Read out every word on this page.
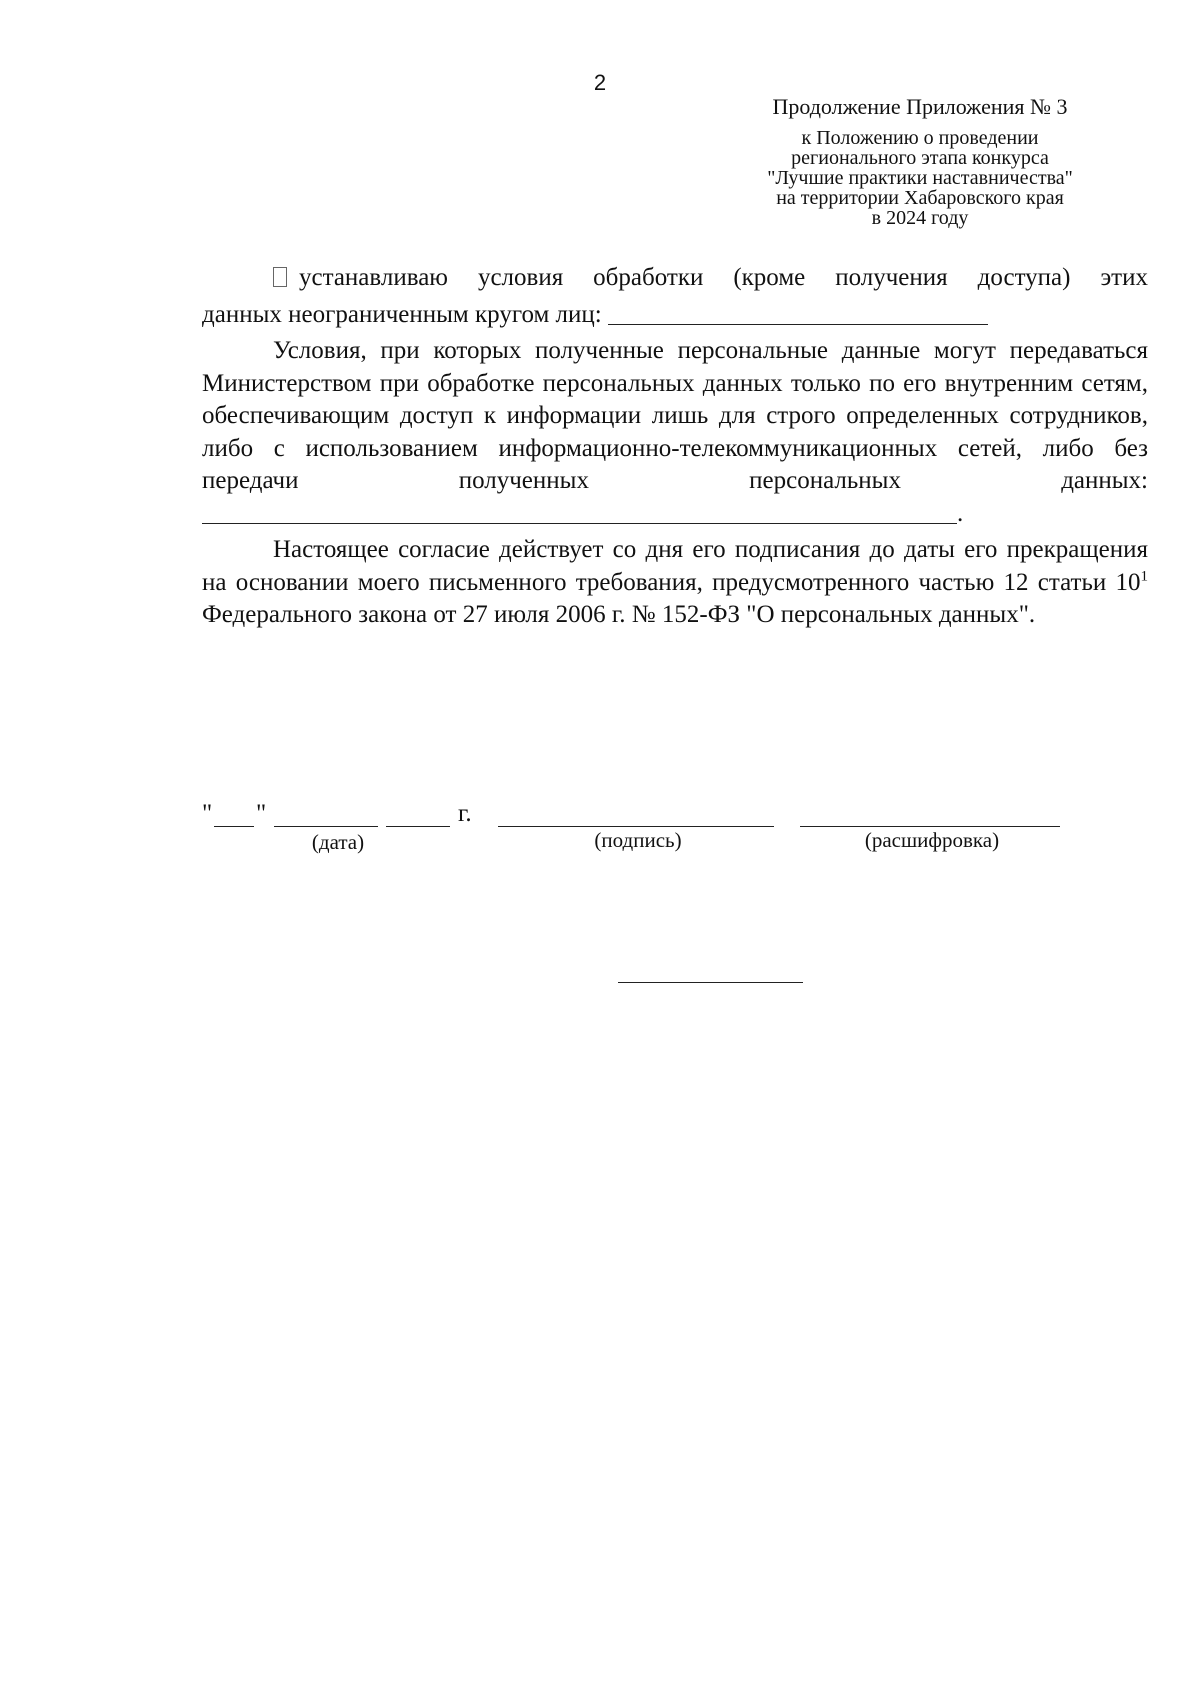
2
Продолжение Приложения № 3
к Положению о проведении
регионального этапа конкурса
"Лучшие практики наставничества"
на территории Хабаровского края
в 2024 году

устанавливаю условия обработки (кроме получения доступа) этих

данных неограниченным кругом лиц:

Условия, при которых полученные персональные данные могут передаваться Министерством при обработке персональных данных только по его внутренним сетям, обеспечивающим доступ к информации лишь для строго определенных сотрудников, либо с использованием информационно-телекоммуникационных сетей, либо без передачи полученных персональных	данных: .

Настоящее согласие действует со дня его подписания до даты его прекращения на основании моего письменного требования, предусмотренного частью 12 статьи $10^1$ Федерального закона от 27 июля 2006 г. № 152-ФЗ "О персональных данных".

" "	г.
(дата)	(подпись)	(расшифровка)
